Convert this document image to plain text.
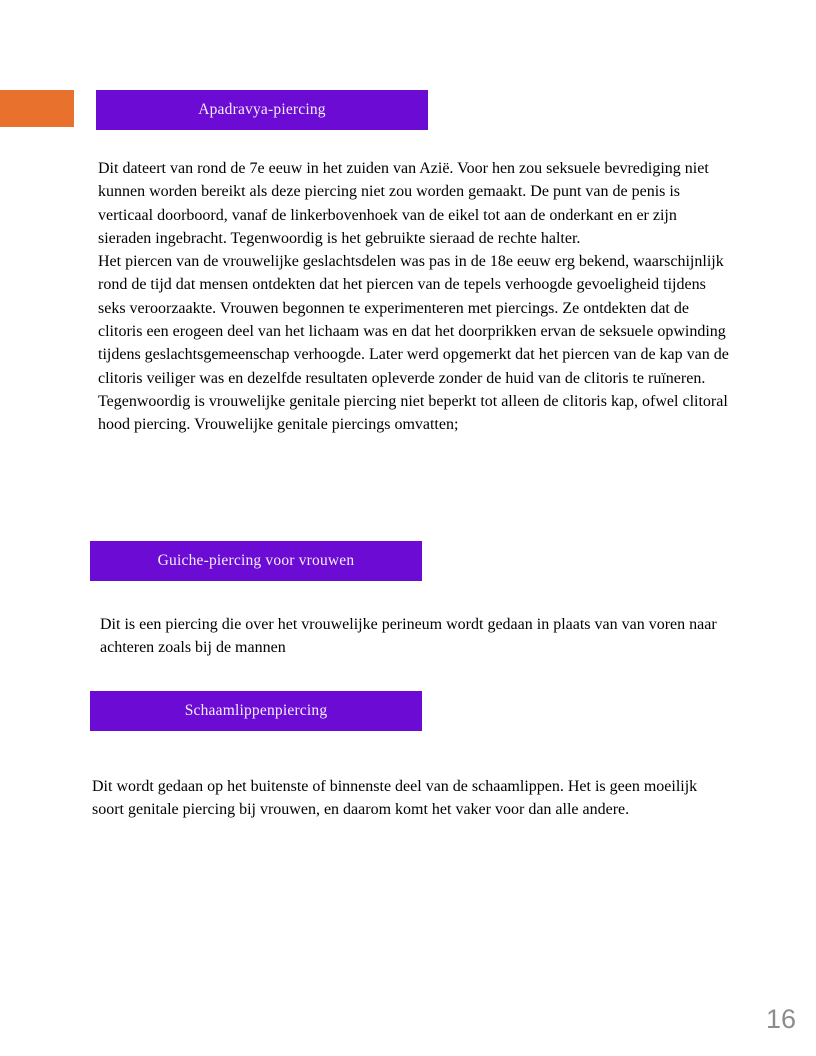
Apadravya-piercing

Dit dateert van rond de 7e eeuw in het zuiden van Azië. Voor hen zou seksuele bevrediging niet kunnen worden bereikt als deze piercing niet zou worden gemaakt. De punt van de penis is verticaal doorboord, vanaf de linkerbovenhoek van de eikel tot aan de onderkant en er zijn sieraden ingebracht. Tegenwoordig is het gebruikte sieraad de rechte halter.

Het piercen van de vrouwelijke geslachtsdelen was pas in de 18e eeuw erg bekend, waarschijnlijk rond de tijd dat mensen ontdekten dat het piercen van de tepels verhoogde gevoeligheid tijdens seks veroorzaakte. Vrouwen begonnen te experimenteren met piercings. Ze ontdekten dat de clitoris een erogeen deel van het lichaam was en dat het doorprikken ervan de seksuele opwinding tijdens geslachtsgemeenschap verhoogde. Later werd opgemerkt dat het piercen van de kap van de clitoris veiliger was en dezelfde resultaten opleverde zonder de huid van de clitoris te ruïneren.

Tegenwoordig is vrouwelijke genitale piercing niet beperkt tot alleen de clitoris kap, ofwel clitoral hood piercing. Vrouwelijke genitale piercings omvatten;

Guiche-piercing voor vrouwen

Dit is een piercing die over het vrouwelijke perineum wordt gedaan in plaats van van voren naar achteren zoals bij de mannen

Schaamlippenpiercing

Dit wordt gedaan op het buitenste of binnenste deel van de schaamlippen. Het is geen moeilijk soort genitale piercing bij vrouwen, en daarom komt het vaker voor dan alle andere.

16
